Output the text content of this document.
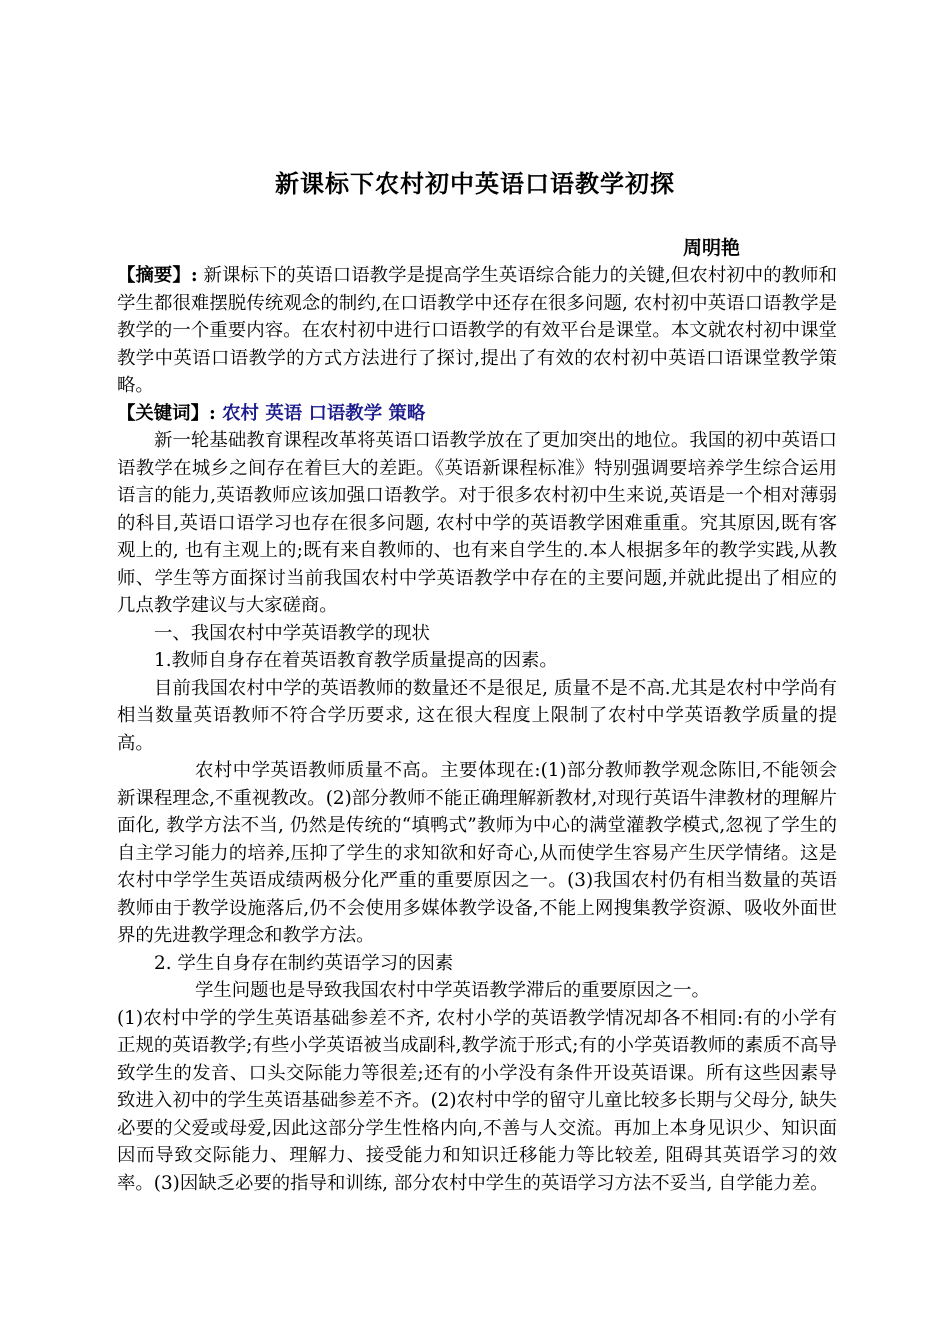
新课标下农村初中英语口语教学初探
周明艳

【摘要】: 新课标下的英语口语教学是提高学生英语综合能力的关键,但农村初中的教师和学生都很难摆脱传统观念的制约,在口语教学中还存在很多问题, 农村初中英语口语教学是教学的一个重要内容。在农村初中进行口语教学的有效平台是课堂。本文就农村初中课堂教学中英语口语教学的方式方法进行了探讨,提出了有效的农村初中英语口语课堂教学策略。

【关键词】: 农村 英语 口语教学 策略

新一轮基础教育课程改革将英语口语教学放在了更加突出的地位。我国的初中英语口语教学在城乡之间存在着巨大的差距。《英语新课程标准》特别强调要培养学生综合运用语言的能力,英语教师应该加强口语教学。对于很多农村初中生来说,英语是一个相对薄弱的科目,英语口语学习也存在很多问题, 农村中学的英语教学困难重重。究其原因,既有客观上的, 也有主观上的;既有来自教师的、也有来自学生的.本人根据多年的教学实践,从教师、学生等方面探讨当前我国农村中学英语教学中存在的主要问题,并就此提出了相应的几点教学建议与大家磋商。

一、我国农村中学英语教学的现状

1.教师自身存在着英语教育教学质量提高的因素。

目前我国农村中学的英语教师的数量还不是很足, 质量不是不高.尤其是农村中学尚有相当数量英语教师不符合学历要求, 这在很大程度上限制了农村中学英语教学质量的提高。

农村中学英语教师质量不高。主要体现在:(1)部分教师教学观念陈旧,不能领会新课程理念,不重视教改。(2)部分教师不能正确理解新教材,对现行英语牛津教材的理解片面化, 教学方法不当, 仍然是传统的“填鸭式”教师为中心的满堂灌教学模式,忽视了学生的自主学习能力的培养,压抑了学生的求知欲和好奇心,从而使学生容易产生厌学情绪。这是农村中学学生英语成绩两极分化严重的重要原因之一。(3)我国农村仍有相当数量的英语教师由于教学设施落后,仍不会使用多媒体教学设备,不能上网搜集教学资源、吸收外面世界的先进教学理念和教学方法。

2. 学生自身存在制约英语学习的因素

学生问题也是导致我国农村中学英语教学滞后的重要原因之一。

(1)农村中学的学生英语基础参差不齐, 农村小学的英语教学情况却各不相同:有的小学有正规的英语教学;有些小学英语被当成副科,教学流于形式;有的小学英语教师的素质不高导致学生的发音、口头交际能力等很差;还有的小学没有条件开设英语课。所有这些因素导致进入初中的学生英语基础参差不齐。(2)农村中学的留守儿童比较多长期与父母分, 缺失必要的父爱或母爱,因此这部分学生性格内向,不善与人交流。再加上本身见识少、知识面因而导致交际能力、理解力、接受能力和知识迁移能力等比较差, 阻碍其英语学习的效率。(3)因缺乏必要的指导和训练, 部分农村中学生的英语学习方法不妥当, 自学能力差。
